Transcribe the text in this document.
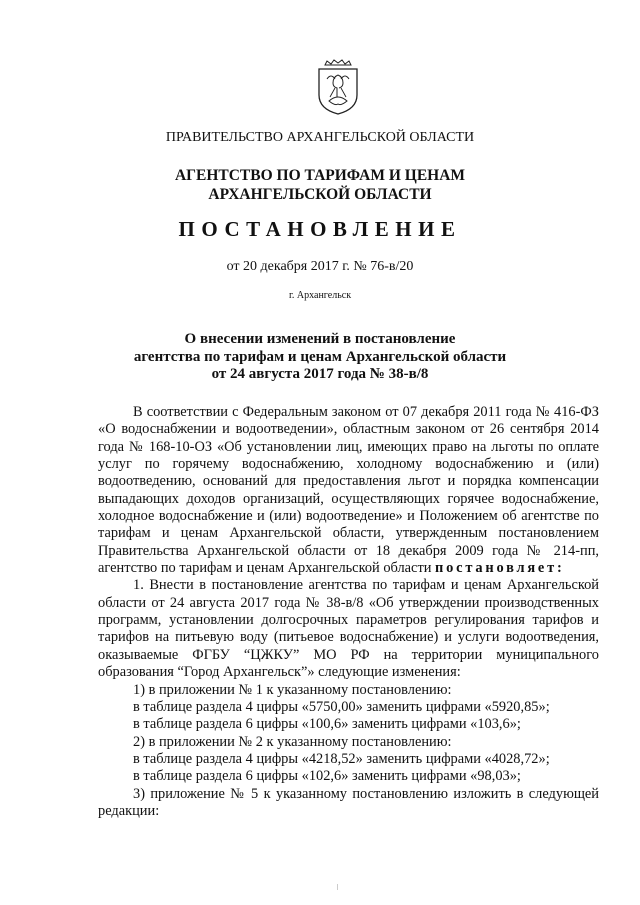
ПРАВИТЕЛЬСТВО АРХАНГЕЛЬСКОЙ ОБЛАСТИ
АГЕНТСТВО ПО ТАРИФАМ И ЦЕНАМ
АРХАНГЕЛЬСКОЙ ОБЛАСТИ
ПОСТАНОВЛЕНИЕ
от 20 декабря 2017 г. № 76-в/20
г. Архангельск
О внесении изменений в постановление
агентства по тарифам и ценам Архангельской области
от 24 августа 2017 года № 38-в/8

В соответствии с Федеральным законом от 07 декабря 2011 года № 416-ФЗ «О водоснабжении и водоотведении», областным законом от 26 сентября 2014 года № 168-10-ОЗ «Об установлении лиц, имеющих право на льготы по оплате услуг по горячему водоснабжению, холодному водоснабжению и (или) водоотведению, оснований для предоставления льгот и порядка компенсации выпадающих доходов организаций, осуществляющих горячее водоснабжение, холодное водоснабжение и (или) водоотведение» и Положением об агентстве по тарифам и ценам Архангельской области, утвержденным постановлением Правительства Архангельской области от 18 декабря 2009 года № 214-пп, агентство по тарифам и ценам Архангельской области постановляет:

1. Внести в постановление агентства по тарифам и ценам Архангельской области от 24 августа 2017 года № 38-в/8 «Об утверждении производственных программ, установлении долгосрочных параметров регулирования тарифов и тарифов на питьевую воду (питьевое водоснабжение) и услуги водоотведения, оказываемые ФГБУ “ЦЖКУ” МО РФ на территории муниципального образования “Город Архангельск”» следующие изменения:

1) в приложении № 1 к указанному постановлению:

в таблице раздела 4 цифры «5750,00» заменить цифрами «5920,85»;

в таблице раздела 6 цифры «100,6» заменить цифрами «103,6»;

2) в приложении № 2 к указанному постановлению:

в таблице раздела 4 цифры «4218,52» заменить цифрами «4028,72»;

в таблице раздела 6 цифры «102,6» заменить цифрами «98,03»;

3) приложение № 5 к указанному постановлению изложить в следующей редакции:
